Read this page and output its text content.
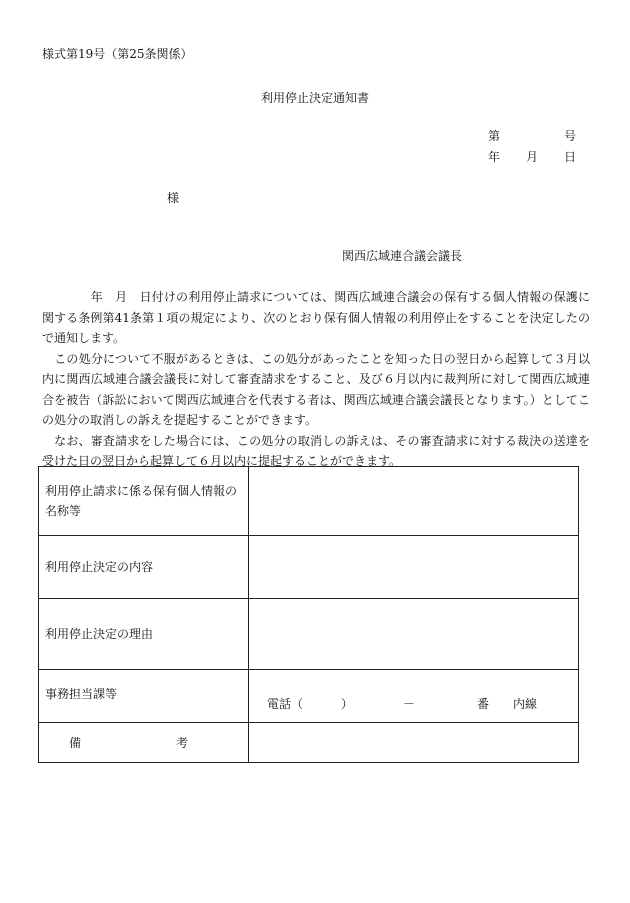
様式第19号（第25条関係）
利用停止決定通知書
第	号
年 月 日
様
関西広域連合議会議長

　　　　年　月　日付けの利用停止請求については、関西広域連合議会の保有する個人情報の保護に関する条例第41条第１項の規定により、次のとおり保有個人情報の利用停止をすることを決定したので通知します。

　この処分について不服があるときは、この処分があったことを知った日の翌日から起算して３月以内に関西広域連合議会議長に対して審査請求をすること、及び６月以内に裁判所に対して関西広域連合を被告（訴訟において関西広域連合を代表する者は、関西広域連合議会議長となります。）としてこの処分の取消しの訴えを提起することができます。

　なお、審査請求をした場合には、この処分の取消しの訴えは、その審査請求に対する裁決の送達を受けた日の翌日から起算して６月以内に提起することができます。

利用停止請求に係る保有個人情報の名称等	
利用停止決定の内容	
利用停止決定の理由	
事務担当課等	電話（ ） － 番 内線

備 考	
